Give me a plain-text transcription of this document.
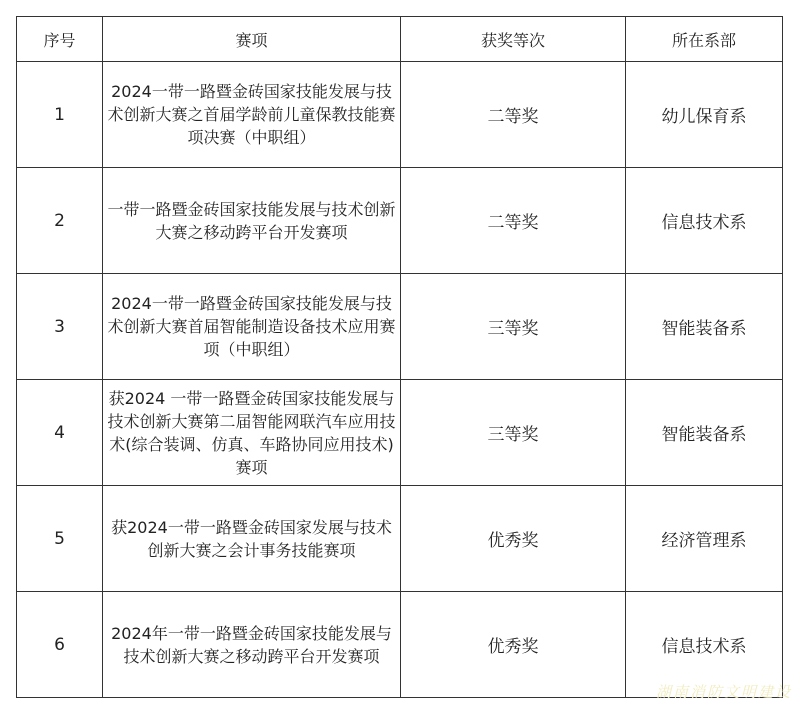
序号	赛项	获奖等次	所在系部
1	2024一带一路暨金砖国家技能发展与技术创新大赛之首届学龄前儿童保教技能赛项决赛（中职组）	二等奖	幼儿保育系
2	一带一路暨金砖国家技能发展与技术创新大赛之移动跨平台开发赛项	二等奖	信息技术系
3	2024一带一路暨金砖国家技能发展与技术创新大赛首届智能制造设备技术应用赛项（中职组）	三等奖	智能装备系
4	获2024 一带一路暨金砖国家技能发展与技术创新大赛第二届智能网联汽车应用技术(综合装调、仿真、车路协同应用技术)赛项	三等奖	智能装备系
5	获2024一带一路暨金砖国家发展与技术创新大赛之会计事务技能赛项	优秀奖	经济管理系
6	2024年一带一路暨金砖国家技能发展与技术创新大赛之移动跨平台开发赛项	优秀奖	信息技术系
湖南消防文明建设
